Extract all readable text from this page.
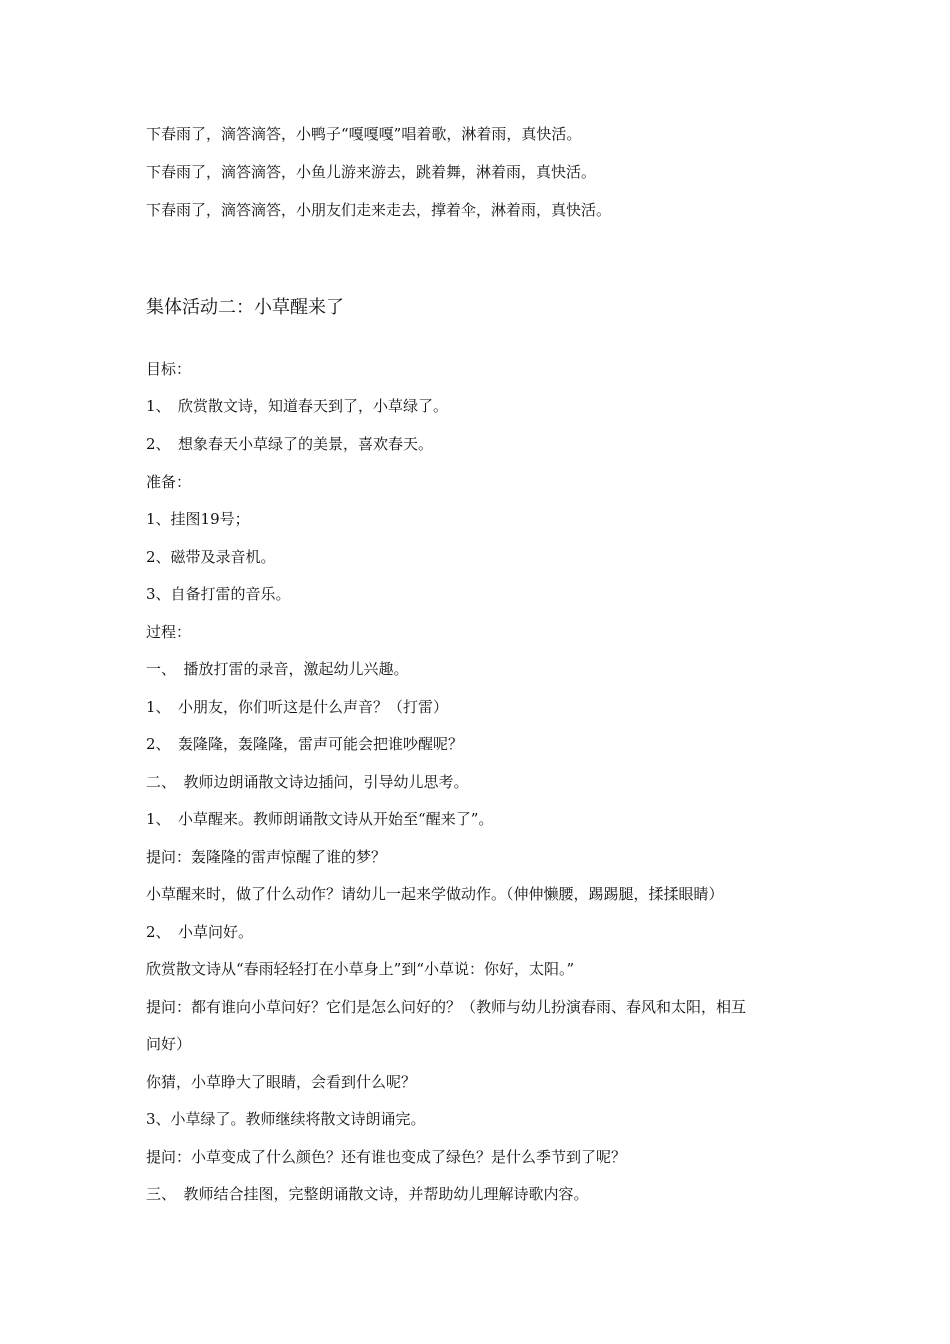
下春雨了，滴答滴答，小鸭子“嘎嘎嘎”唱着歌，淋着雨，真快活。
下春雨了，滴答滴答，小鱼儿游来游去，跳着舞，淋着雨，真快活。
下春雨了，滴答滴答，小朋友们走来走去，撑着伞，淋着雨，真快活。
集体活动二：小草醒来了
目标：
1、　欣赏散文诗，知道春天到了，小草绿了。
2、　想象春天小草绿了的美景，喜欢春天。
准备：
1、挂图19号；
2、磁带及录音机。
3、自备打雷的音乐。
过程：
一、　播放打雷的录音，激起幼儿兴趣。
1、　小朋友，你们听这是什么声音？（打雷）
2、　轰隆隆，轰隆隆，雷声可能会把谁吵醒呢？
二、　教师边朗诵散文诗边插问，引导幼儿思考。
1、　小草醒来。教师朗诵散文诗从开始至“醒来了”。
提问：轰隆隆的雷声惊醒了谁的梦？
小草醒来时，做了什么动作？请幼儿一起来学做动作。（伸伸懒腰，踢踢腿，揉揉眼睛）
2、　小草问好。
欣赏散文诗从“春雨轻轻打在小草身上”到“小草说：你好，太阳。”
提问：都有谁向小草问好？它们是怎么问好的？（教师与幼儿扮演春雨、春风和太阳，相互
问好）
你猜，小草睁大了眼睛，会看到什么呢？
3、小草绿了。教师继续将散文诗朗诵完。
提问：小草变成了什么颜色？还有谁也变成了绿色？是什么季节到了呢？
三、　教师结合挂图，完整朗诵散文诗，并帮助幼儿理解诗歌内容。
